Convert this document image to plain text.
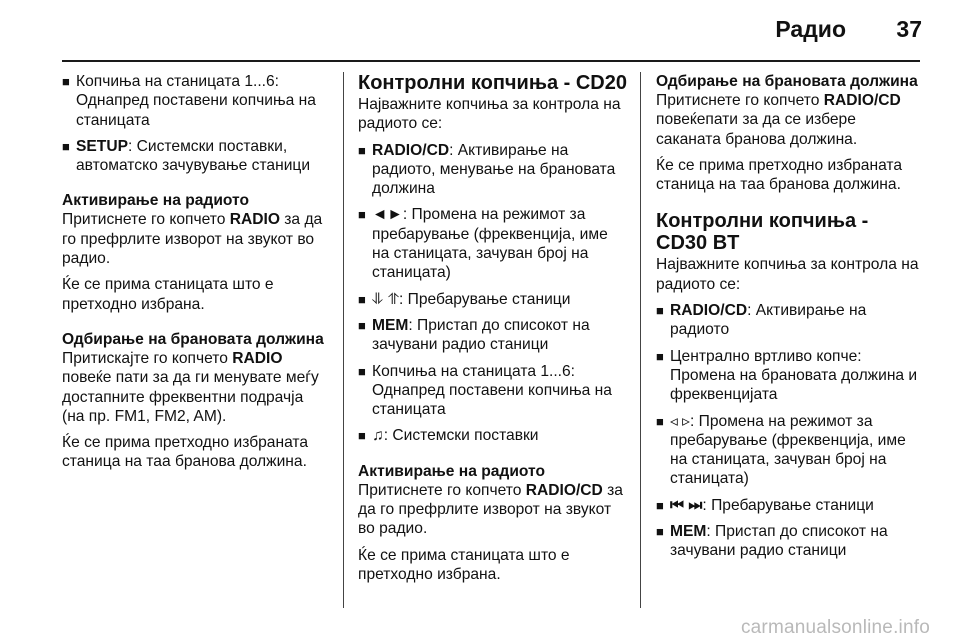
Радио 37
■ Копчиња на станицата 1...6: Однапред поставени копчиња на станицата
■ SETUP: Системски поставки, автоматско зачувување станици
Активирање на радиото

Притиснете го копчето RADIO за да го префрлите изворот на звукот во радио.

Ќе се прима станицата што е претходно избрана.

Одбирање на брановата должина

Притискајте го копчето RADIO повеќе пати за да ги менувате меѓу достапните фреквентни подрачја (на пр. FM1, FM2, AM).

Ќе се прима претходно избраната станица на таа бранова должина.

Контролни копчиња - CD20

Најважните копчиња за контрола на радиото се:

■ RADIO/CD: Активирање на радиото, менување на брановата должина
■ ◄►: Промена на режимот за пребарување (фреквенција, име на станицата, зачуван број на станицата)
■ ⥥ ⥣: Пребарување станици
■ MEM: Пристап до списокот на зачувани радио станици
■ Копчиња на станицата 1...6: Однапред поставени копчиња на станицата
■ ♫: Системски поставки
Активирање на радиото

Притиснете го копчето RADIO/CD за да го префрлите изворот на звукот во радио.

Ќе се прима станицата што е претходно избрана.

Одбирање на брановата должина

Притиснете го копчето RADIO/CD повеќепати за да се избере саканата бранова должина.

Ќе се прима претходно избраната станица на таа бранова должина.

Контролни копчиња -
CD30 BT

Најважните копчиња за контрола на радиото се:

■ RADIO/CD: Активирање на радиото
■ Централно вртливо копче: Промена на брановата должина и фреквенцијата
■ ◃ ▹: Промена на режимот за пребарување (фреквенција, име на станицата, зачуван број на станицата)
■ ⏮ ⏭: Пребарување станици
■ MEM: Пристап до списокот на зачувани радио станици
carmanualsonline.info
